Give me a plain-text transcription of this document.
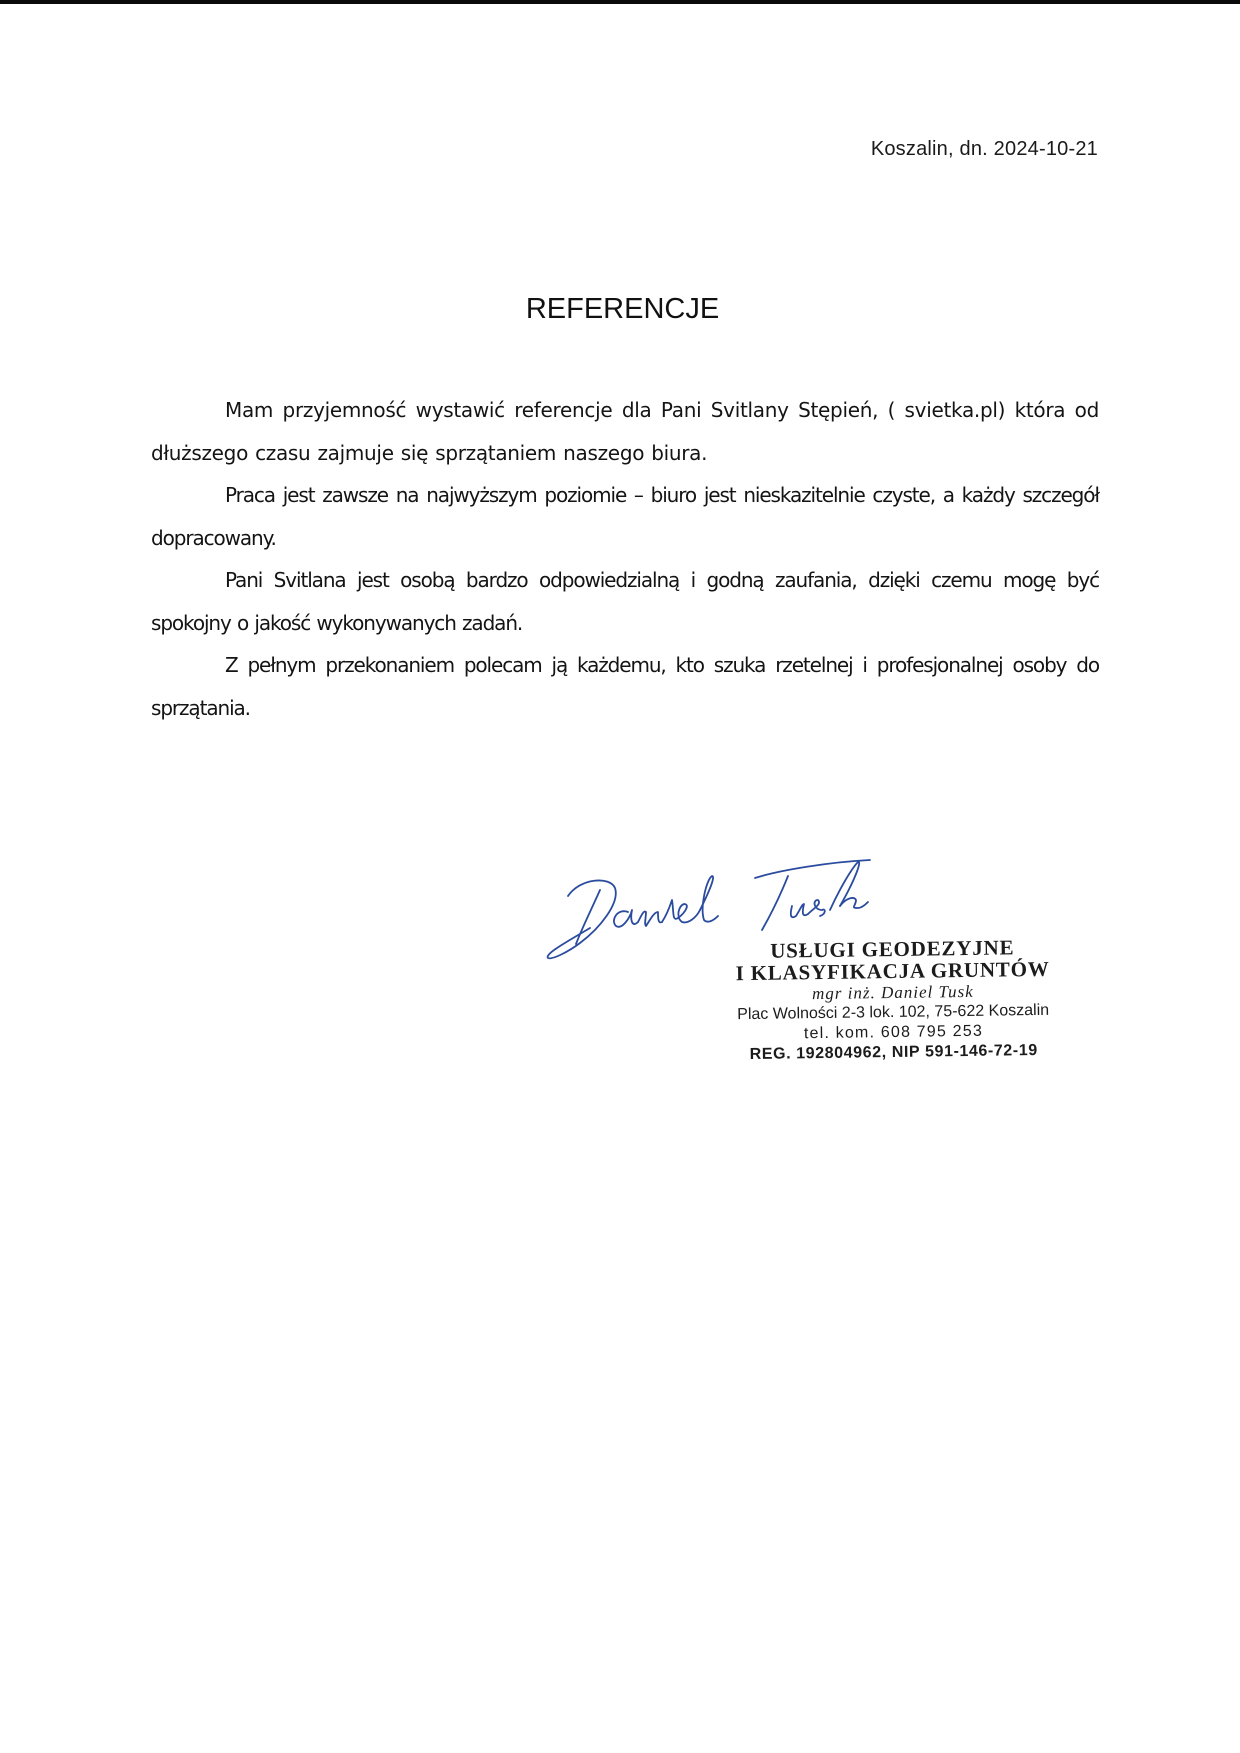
Koszalin, dn. 2024-10-21
REFERENCJE

Mam przyjemność wystawić referencje dla Pani Svitlany Stępień, ( svietka.pl) która od dłuższego czasu zajmuje się sprzątaniem naszego biura.

Praca jest zawsze na najwyższym poziomie – biuro jest nieskazitelnie czyste, a każdy szczegół dopracowany.

Pani Svitlana jest osobą bardzo odpowiedzialną i godną zaufania, dzięki czemu mogę być spokojny o jakość wykonywanych zadań.

Z pełnym przekonaniem polecam ją każdemu, kto szuka rzetelnej i profesjonalnej osoby do sprzątania.

USŁUGI GEODEZYJNE
I KLASYFIKACJA GRUNTÓW
mgr inż. Daniel Tusk
Plac Wolności 2-3 lok. 102, 75-622 Koszalin
tel. kom. 608 795 253
REG. 192804962, NIP 591-146-72-19
